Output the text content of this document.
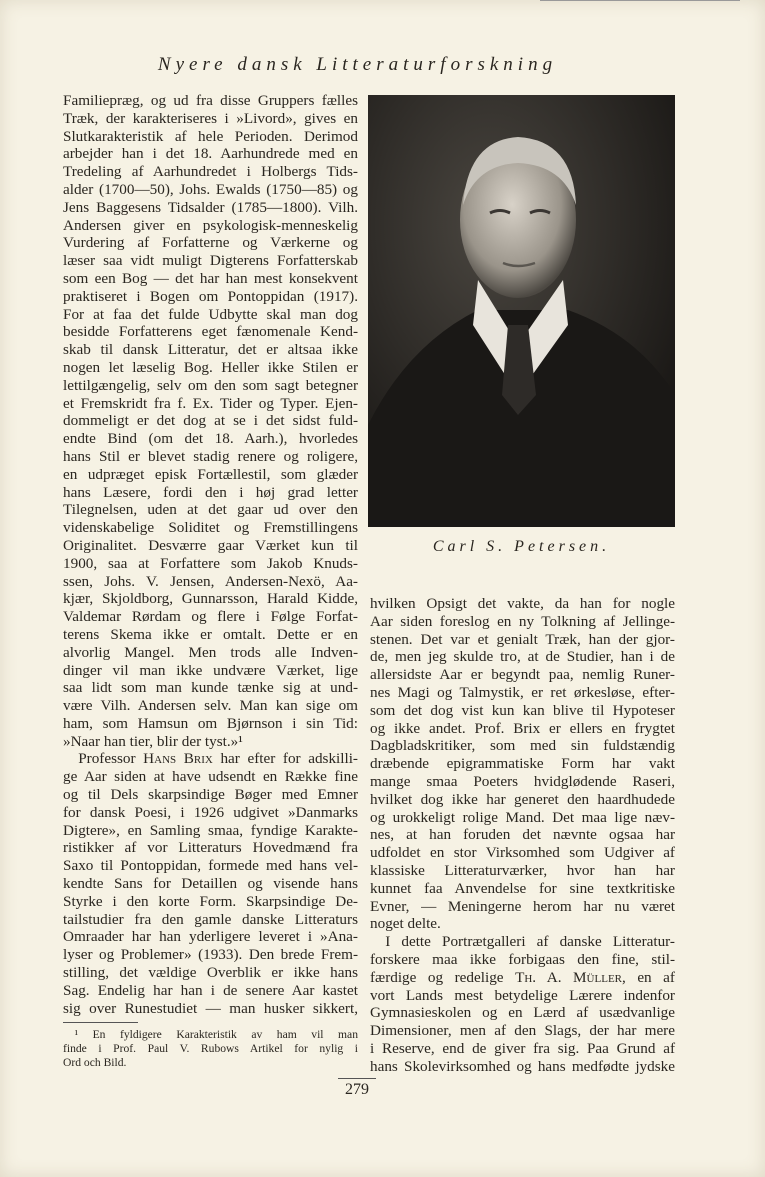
Nyere dansk Litteraturforskning
Familiepræg, og ud fra disse Gruppers fælles
Træk, der karakteriseres i »Livord», gives en
Slutkarakteristik af hele Perioden. Derimod
arbejder han i det 18. Aarhundrede med en
Tredeling af Aarhundredet i Holbergs Tids-
alder (1700—50), Johs. Ewalds (1750—85) og
Jens Baggesens Tidsalder (1785—1800). Vilh.
Andersen giver en psykologisk-menneskelig
Vurdering af Forfatterne og Værkerne og
læser saa vidt muligt Digterens Forfatterskab
som een Bog — det har han mest konsekvent
praktiseret i Bogen om Pontoppidan (1917).
For at faa det fulde Udbytte skal man dog
besidde Forfatterens eget fænomenale Kend-
skab til dansk Litteratur, det er altsaa ikke
nogen let læselig Bog. Heller ikke Stilen er
lettilgængelig, selv om den som sagt betegner
et Fremskridt fra f. Ex. Tider og Typer. Ejen-
dommeligt er det dog at se i det sidst fuld-
endte Bind (om det 18. Aarh.), hvorledes
hans Stil er blevet stadig renere og roligere,
en udpræget episk Fortællestil, som glæder
hans Læsere, fordi den i høj grad letter
Tilegnelsen, uden at det gaar ud over den
videnskabelige Soliditet og Fremstillingens
Originalitet. Desværre gaar Værket kun til
1900, saa at Forfattere som Jakob Knuds-
ssen, Johs. V. Jensen, Andersen-Nexö, Aa-
kjær, Skjoldborg, Gunnarsson, Harald Kidde,
Valdemar Rørdam og flere i Følge Forfat-
terens Skema ikke er omtalt. Dette er en
alvorlig Mangel. Men trods alle Indven-
dinger vil man ikke undvære Værket, lige
saa lidt som man kunde tænke sig at und-
være Vilh. Andersen selv. Man kan sige om
ham, som Hamsun om Bjørnson i sin Tid:
»Naar han tier, blir der tyst.»¹
 Professor Hans Brix har efter for adskilli-
ge Aar siden at have udsendt en Række fine
og til Dels skarpsindige Bøger med Emner
for dansk Poesi, i 1926 udgivet »Danmarks
Digtere», en Samling smaa, fyndige Karakte-
ristikker af vor Litteraturs Hovedmænd fra
Saxo til Pontoppidan, formede med hans vel-
kendte Sans for Detaillen og visende hans
Styrke i den korte Form. Skarpsindige De-
tailstudier fra den gamle danske Litteraturs
Omraader har han yderligere leveret i »Ana-
lyser og Problemer» (1933). Den brede Frem-
stilling, det vældige Overblik er ikke hans
Sag. Endelig har han i de senere Aar kastet
sig over Runestudiet — man husker sikkert,
 ¹ En fyldigere Karakteristik av ham vil man
finde i Prof. Paul V. Rubows Artikel for nylig i
Ord och Bild.
Carl S. Petersen.
hvilken Opsigt det vakte, da han for nogle
Aar siden foreslog en ny Tolkning af Jellinge-
stenen. Det var et genialt Træk, han der gjor-
de, men jeg skulde tro, at de Studier, han i de
allersidste Aar er begyndt paa, nemlig Runer-
nes Magi og Talmystik, er ret ørkesløse, efter-
som det dog vist kun kan blive til Hypoteser
og ikke andet. Prof. Brix er ellers en frygtet
Dagbladskritiker, som med sin fuldstændig
dræbende epigrammatiske Form har vakt
mange smaa Poeters hvidglødende Raseri,
hvilket dog ikke har generet den haardhudede
og urokkeligt rolige Mand. Det maa lige næv-
nes, at han foruden det nævnte ogsaa har
udfoldet en stor Virksomhed som Udgiver af
klassiske Litteraturværker, hvor han har
kunnet faa Anvendelse for sine textkritiske
Evner, — Meningerne herom har nu været
noget delte.
 I dette Portrætgalleri af danske Litteratur-
forskere maa ikke forbigaas den fine, stil-
færdige og redelige Th. A. Müller, en af
vort Lands mest betydelige Lærere indenfor
Gymnasieskolen og en Lærd af usædvanlige
Dimensioner, men af den Slags, der har mere
i Reserve, end de giver fra sig. Paa Grund af
hans Skolevirksomhed og hans medfødte jydske
279
